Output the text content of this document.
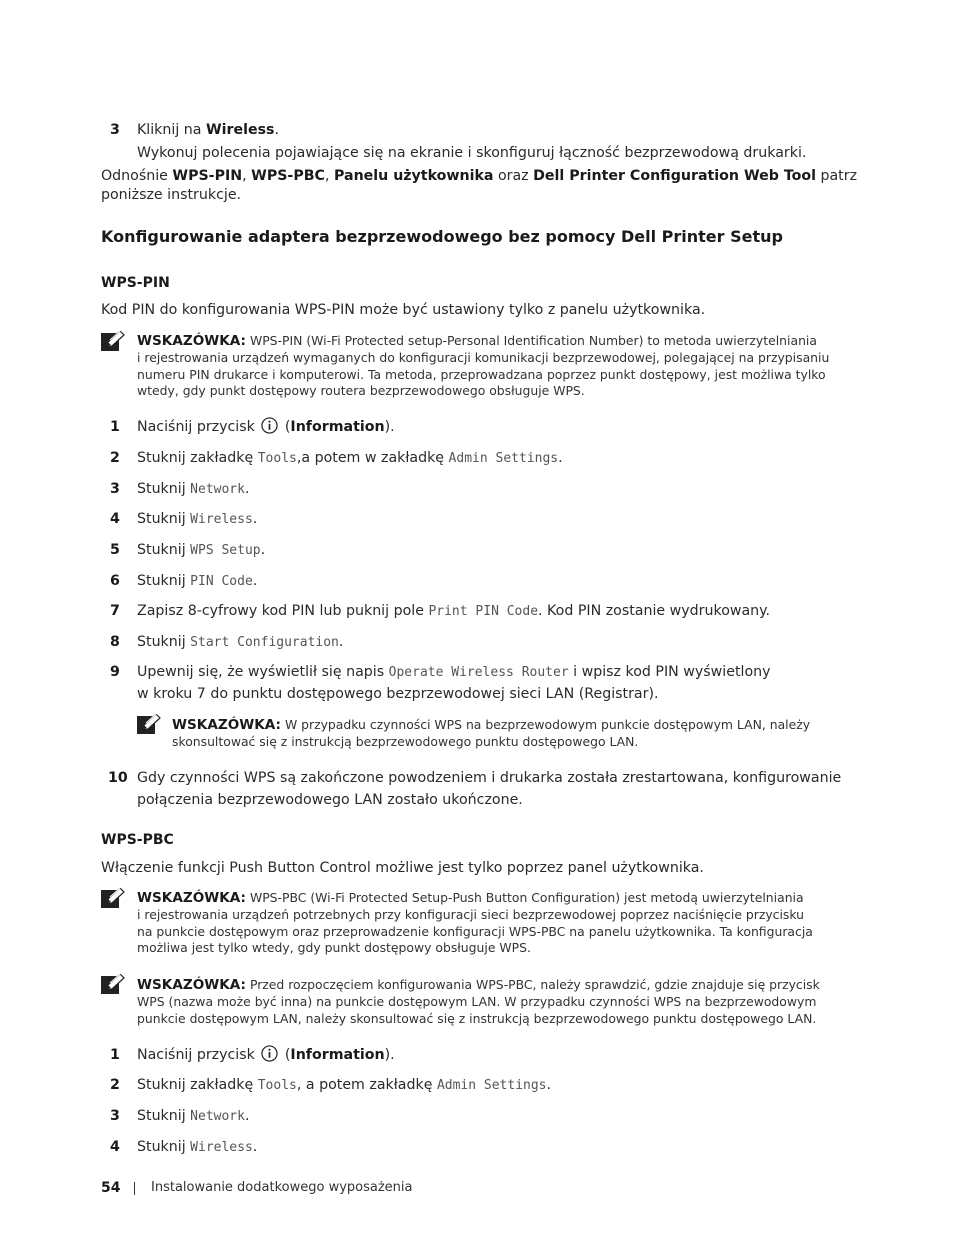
3 Kliknij na Wireless.
Wykonuj polecenia pojawiające się na ekranie i skonfiguruj łączność bezprzewodową drukarki.
Odnośnie WPS-PIN, WPS-PBC, Panelu użytkownika oraz Dell Printer Configuration Web Tool patrz
poniższe instrukcje.
Konfigurowanie adaptera bezprzewodowego bez pomocy Dell Printer Setup
WPS-PIN
Kod PIN do konfigurowania WPS-PIN może być ustawiony tylko z panelu użytkownika.
WSKAZÓWKA: WPS-PIN (Wi-Fi Protected setup-Personal Identification Number) to metoda uwierzytelniania
i rejestrowania urządzeń wymaganych do konfiguracji komunikacji bezprzewodowej, polegającej na przypisaniu
numeru PIN drukarce i komputerowi. Ta metoda, przeprowadzana poprzez punkt dostępowy, jest możliwa tylko
wtedy, gdy punkt dostępowy routera bezprzewodowego obsługuje WPS.
1 Naciśnij przycisk  (Information).
2 Stuknij zakładkę Tools,a potem w zakładkę Admin Settings.
3 Stuknij Network.
4 Stuknij Wireless.
5 Stuknij WPS Setup.
6 Stuknij PIN Code.
7 Zapisz 8-cyfrowy kod PIN lub puknij pole Print PIN Code. Kod PIN zostanie wydrukowany.
8 Stuknij Start Configuration.
9 Upewnij się, że wyświetlił się napis Operate Wireless Router i wpisz kod PIN wyświetlony
w kroku 7 do punktu dostępowego bezprzewodowej sieci LAN (Registrar).
WSKAZÓWKA: W przypadku czynności WPS na bezprzewodowym punkcie dostępowym LAN, należy
skonsultować się z instrukcją bezprzewodowego punktu dostępowego LAN.
10 Gdy czynności WPS są zakończone powodzeniem i drukarka została zrestartowana, konfigurowanie
połączenia bezprzewodowego LAN zostało ukończone.
WPS-PBC
Włączenie funkcji Push Button Control możliwe jest tylko poprzez panel użytkownika.
WSKAZÓWKA: WPS-PBC (Wi-Fi Protected Setup-Push Button Configuration) jest metodą uwierzytelniania
i rejestrowania urządzeń potrzebnych przy konfiguracji sieci bezprzewodowej poprzez naciśnięcie przycisku
na punkcie dostępowym oraz przeprowadzenie konfiguracji WPS-PBC na panelu użytkownika. Ta konfiguracja
możliwa jest tylko wtedy, gdy punkt dostępowy obsługuje WPS.
WSKAZÓWKA: Przed rozpoczęciem konfigurowania WPS-PBC, należy sprawdzić, gdzie znajduje się przycisk
WPS (nazwa może być inna) na punkcie dostępowym LAN. W przypadku czynności WPS na bezprzewodowym
punkcie dostępowym LAN, należy skonsultować się z instrukcją bezprzewodowego punktu dostępowego LAN.
1 Naciśnij przycisk  (Information).
2 Stuknij zakładkę Tools, a potem zakładkę Admin Settings.
3 Stuknij Network.
4 Stuknij Wireless.
54 Instalowanie dodatkowego wyposażenia
